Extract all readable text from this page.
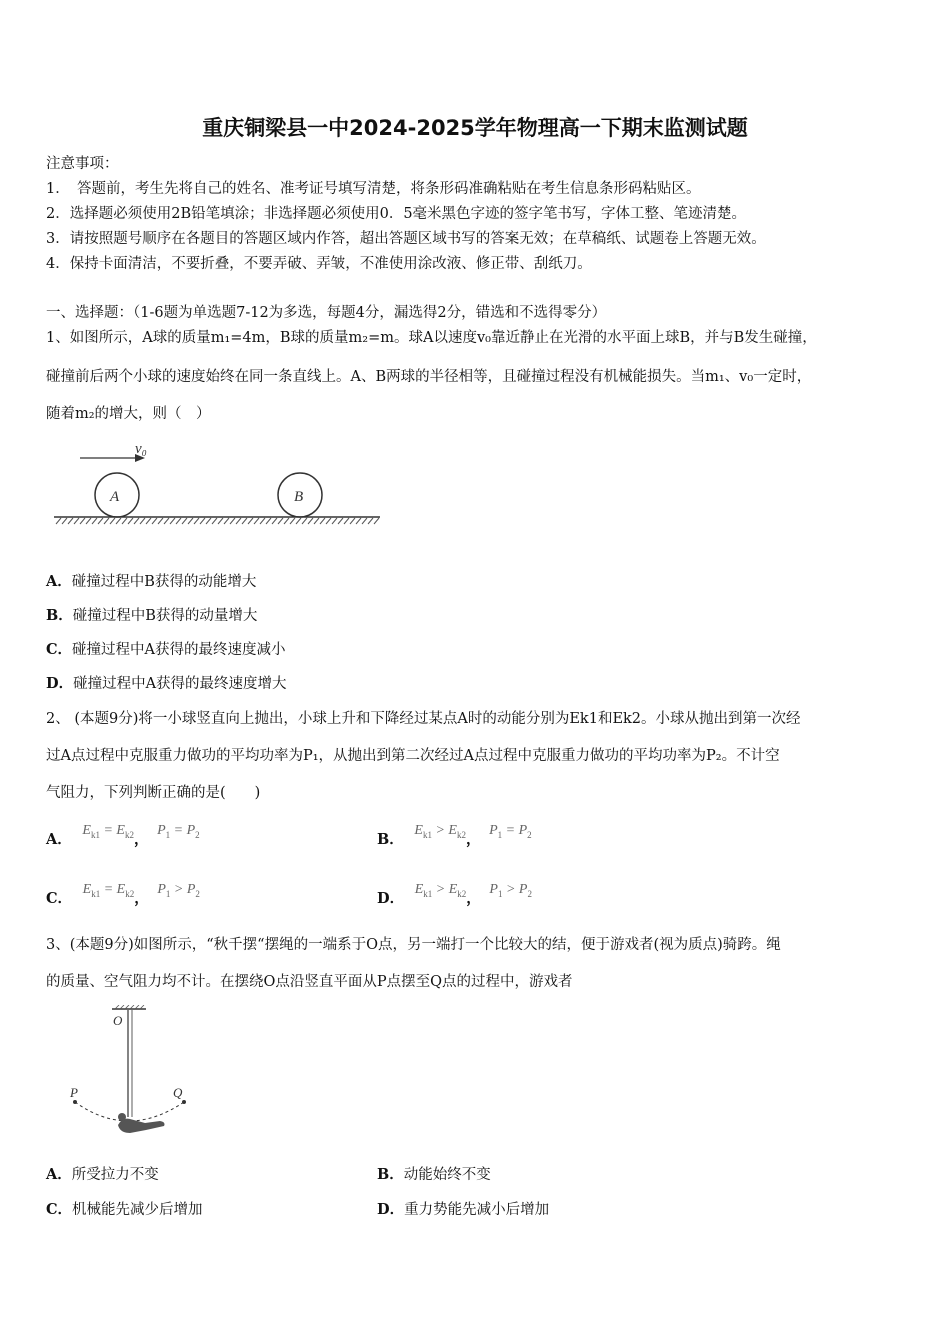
重庆铜梁县一中2024-2025学年物理高一下期末监测试题
注意事项：
1．　答题前，考生先将自己的姓名、准考证号填写清楚，将条形码准确粘贴在考生信息条形码粘贴区。
2．选择题必须使用2B铅笔填涂；非选择题必须使用0．5毫米黑色字迹的签字笔书写，字体工整、笔迹清楚。
3．请按照题号顺序在各题目的答题区域内作答，超出答题区域书写的答案无效；在草稿纸、试题卷上答题无效。
4．保持卡面清洁，不要折叠，不要弄破、弄皱，不准使用涂改液、修正带、刮纸刀。
一、选择题：（1-6题为单选题7-12为多选，每题4分，漏选得2分，错选和不选得零分）
1、如图所示，A球的质量m₁=4m，B球的质量m₂=m。球A以速度v₀靠近静止在光滑的水平面上球B，并与B发生碰撞，
碰撞前后两个小球的速度始终在同一条直线上。A、B两球的半径相等，且碰撞过程没有机械能损失。当m₁、v₀一定时，
随着m₂的增大，则（　）
v₀
A	B
A．碰撞过程中B获得的动能增大
B．碰撞过程中B获得的动量增大
C．碰撞过程中A获得的最终速度减小
D．碰撞过程中A获得的最终速度增大
2、 (本题9分)将一小球竖直向上抛出，小球上升和下降经过某点A时的动能分别为Ek1和Ek2。小球从抛出到第一次经
过A点过程中克服重力做功的平均功率为P₁，从抛出到第二次经过A点过程中克服重力做功的平均功率为P₂。不计空
气阻力，下列判断正确的是(　　)
A． $E_{k1} = E_{k2}$， $P_1 = P_2$	B． $E_{k1} > E_{k2}$， $P_1 = P_2$
C． $E_{k1} = E_{k2}$， $P_1 > P_2$	D． $E_{k1} > E_{k2}$， $P_1 > P_2$
3、(本题9分)如图所示，“秋千摆“摆绳的一端系于O点，另一端打一个比较大的结，便于游戏者(视为质点)骑跨。绳
的质量、空气阻力均不计。在摆绕O点沿竖直平面从P点摆至Q点的过程中，游戏者
O
P	Q
A．所受拉力不变	B．动能始终不变
C．机械能先减少后增加	D．重力势能先减小后增加
